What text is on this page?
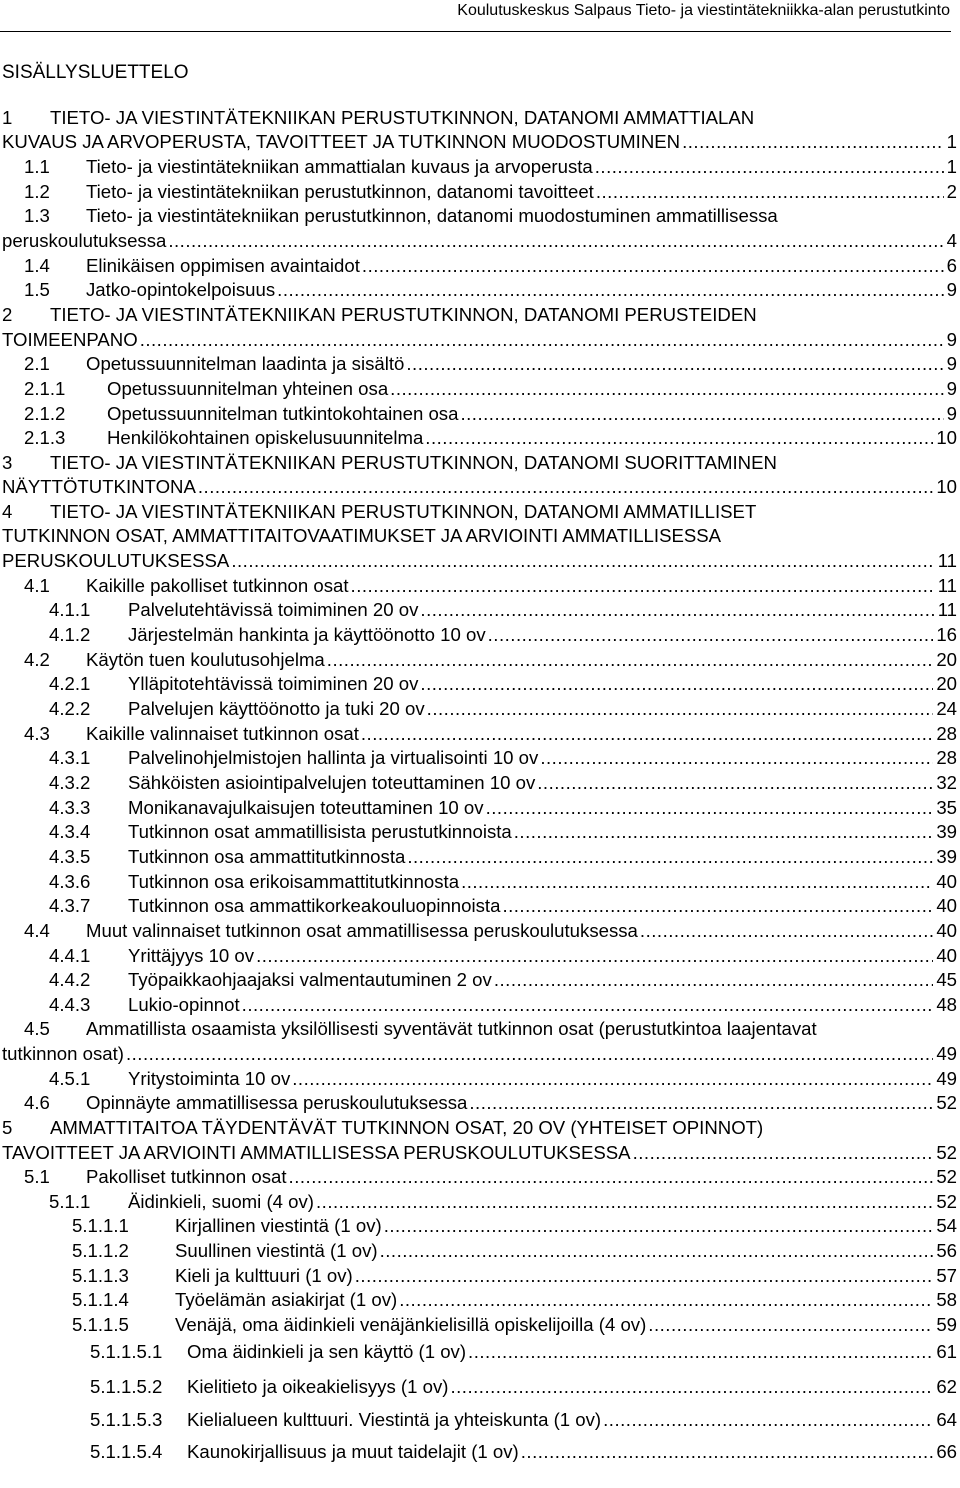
Koulutuskeskus Salpaus Tieto- ja viestintätekniikka-alan perustutkinto
SISÄLLYSLUETTELO
1 TIETO- JA VIESTINTÄTEKNIIKAN PERUSTUTKINNON, DATANOMI AMMATTIALAN
KUVAUS JA ARVOPERUSTA, TAVOITTEET JA TUTKINNON MUODOSTUMINEN .....	1
1.1 Tieto- ja viestintätekniikan ammattialan kuvaus ja arvoperusta .....	1
1.2 Tieto- ja viestintätekniikan perustutkinnon, datanomi tavoitteet .....	2
1.3 Tieto- ja viestintätekniikan perustutkinnon, datanomi muodostuminen ammatillisessa
peruskoulutuksessa .....	4
1.4 Elinikäisen oppimisen avaintaidot .....	6
1.5 Jatko-opintokelpoisuus .....	9
2 TIETO- JA VIESTINTÄTEKNIIKAN PERUSTUTKINNON, DATANOMI PERUSTEIDEN
TOIMEENPANO .....	9
2.1 Opetussuunnitelman laadinta ja sisältö .....	9
2.1.1 Opetussuunnitelman yhteinen osa .....	9
2.1.2 Opetussuunnitelman tutkintokohtainen osa .....	9
2.1.3 Henkilökohtainen opiskelusuunnitelma .....	10
3 TIETO- JA VIESTINTÄTEKNIIKAN PERUSTUTKINNON, DATANOMI SUORITTAMINEN
NÄYTTÖTUTKINTONA .....	10
4 TIETO- JA VIESTINTÄTEKNIIKAN PERUSTUTKINNON, DATANOMI AMMATILLISET
TUTKINNON OSAT, AMMATTITAITOVAATIMUKSET JA ARVIOINTI AMMATILLISESSA
PERUSKOULUTUKSESSA .....	11
4.1 Kaikille pakolliset tutkinnon osat .....	11
4.1.1 Palvelutehtävissä toimiminen 20 ov .....	11
4.1.2 Järjestelmän hankinta ja käyttöönotto 10 ov .....	16
4.2 Käytön tuen koulutusohjelma .....	20
4.2.1 Ylläpitotehtävissä toimiminen 20 ov .....	20
4.2.2 Palvelujen käyttöönotto ja tuki 20 ov .....	24
4.3 Kaikille valinnaiset tutkinnon osat .....	28
4.3.1 Palvelinohjelmistojen hallinta ja virtualisointi 10 ov .....	28
4.3.2 Sähköisten asiointipalvelujen toteuttaminen 10 ov .....	32
4.3.3 Monikanavajulkaisujen toteuttaminen 10 ov .....	35
4.3.4 Tutkinnon osat ammatillisista perustutkinnoista .....	39
4.3.5 Tutkinnon osa ammattitutkinnosta .....	39
4.3.6 Tutkinnon osa erikoisammattitutkinnosta .....	40
4.3.7 Tutkinnon osa ammattikorkeakouluopinnoista .....	40
4.4 Muut valinnaiset tutkinnon osat ammatillisessa peruskoulutuksessa .....	40
4.4.1 Yrittäjyys 10 ov .....	40
4.4.2 Työpaikkaohjaajaksi valmentautuminen 2 ov .....	45
4.4.3 Lukio-opinnot .....	48
4.5 Ammatillista osaamista yksilöllisesti syventävät tutkinnon osat (perustutkintoa laajentavat
tutkinnon osat) .....	49
4.5.1 Yritystoiminta 10 ov .....	49
4.6 Opinnäyte ammatillisessa peruskoulutuksessa .....	52
5 AMMATTITAITOA TÄYDENTÄVÄT TUTKINNON OSAT, 20 OV (YHTEISET OPINNOT)
TAVOITTEET JA ARVIOINTI AMMATILLISESSA PERUSKOULUTUKSESSA .....	52
5.1 Pakolliset tutkinnon osat .....	52
5.1.1 Äidinkieli, suomi (4 ov) .....	52
5.1.1.1 Kirjallinen viestintä (1 ov) .....	54
5.1.1.2 Suullinen viestintä (1 ov) .....	56
5.1.1.3 Kieli ja kulttuuri (1 ov) .....	57
5.1.1.4 Työelämän asiakirjat (1 ov) .....	58
5.1.1.5 Venäjä, oma äidinkieli venäjänkielisillä opiskelijoilla (4 ov) .....	59
5.1.1.5.1 Oma äidinkieli ja sen käyttö (1 ov) .....	61
5.1.1.5.2 Kielitieto ja oikeakielisyys (1 ov) .....	62
5.1.1.5.3 Kielialueen kulttuuri. Viestintä ja yhteiskunta (1 ov) .....	64
5.1.1.5.4 Kaunokirjallisuus ja muut taidelajit (1 ov) .....	66
